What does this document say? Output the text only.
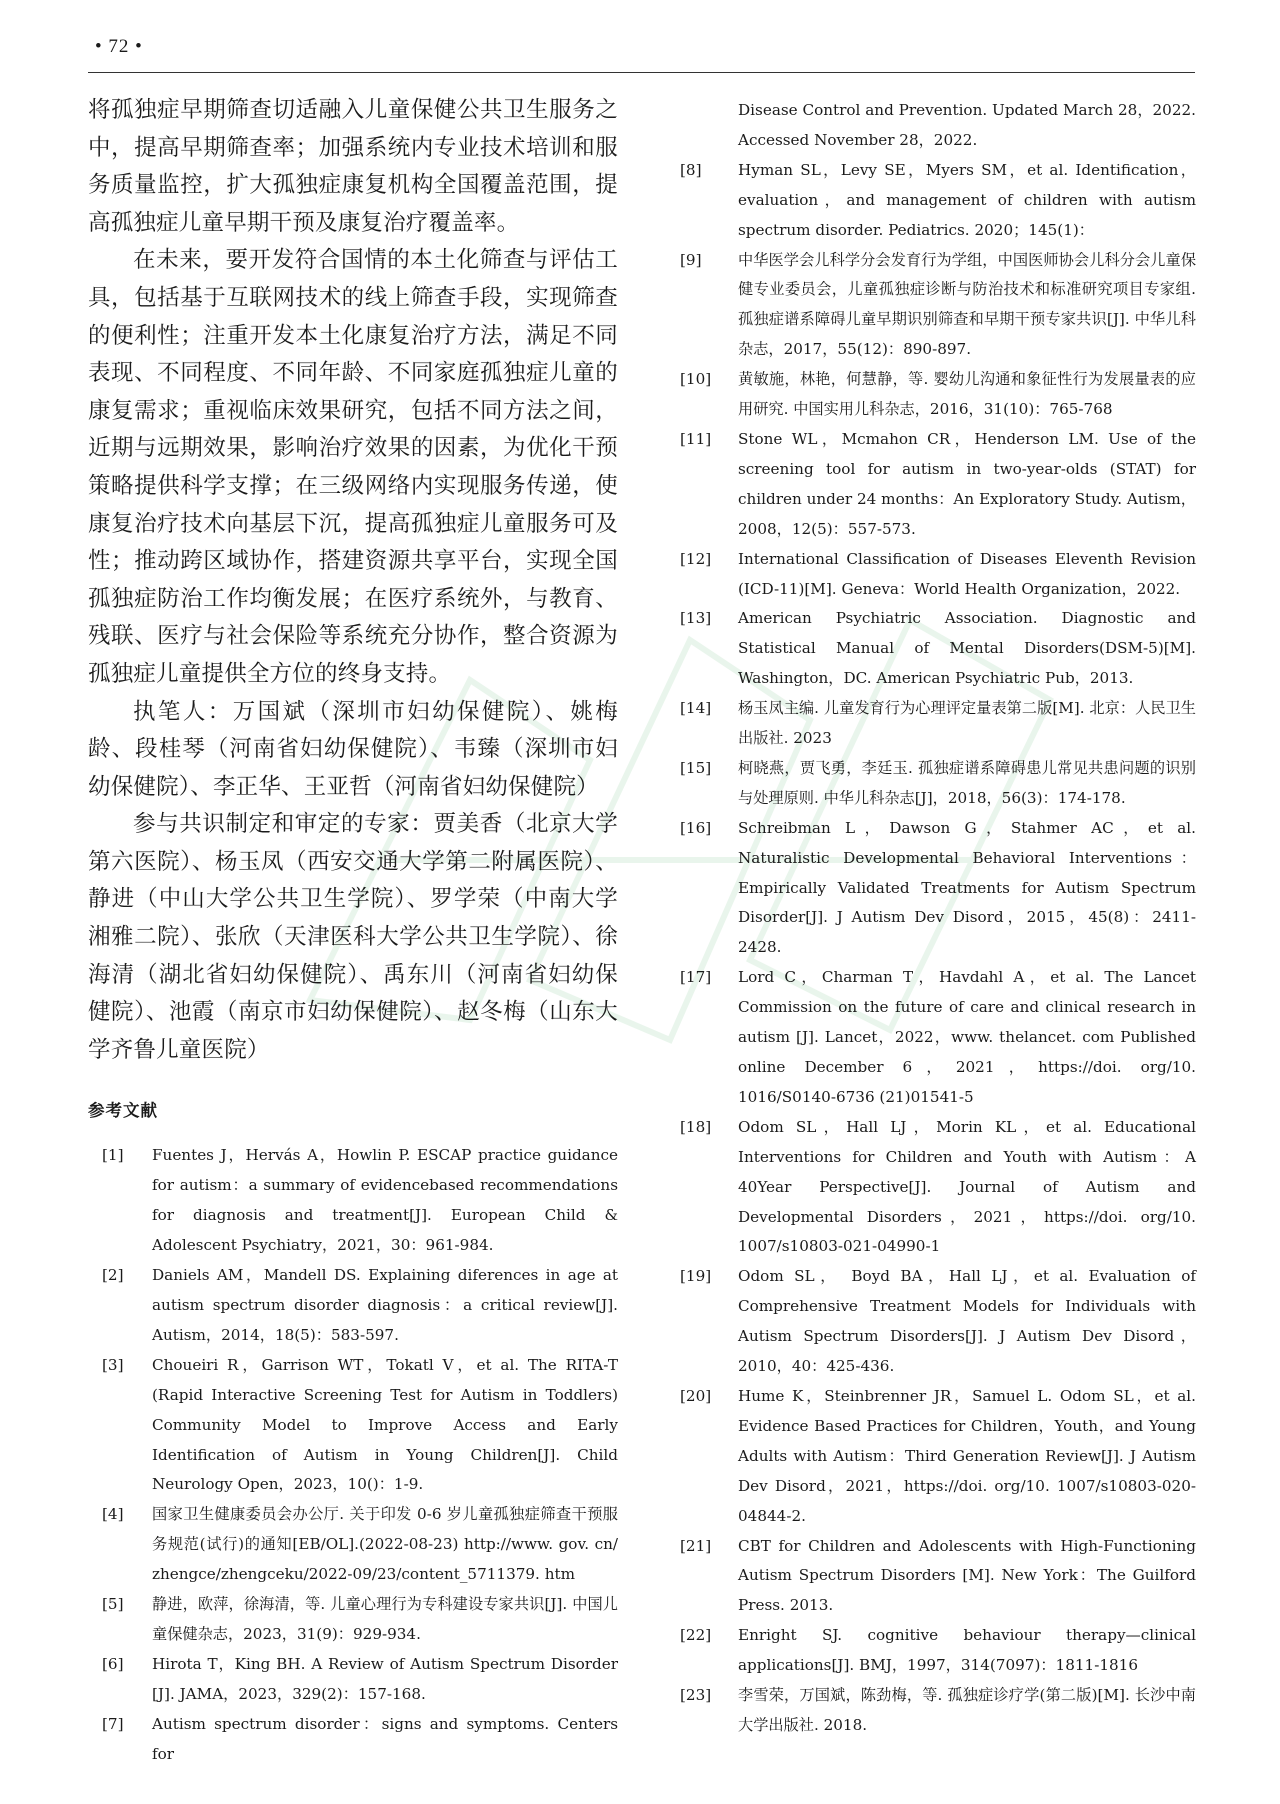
• 72 •

将孤独症早期筛查切适融入儿童保健公共卫生服务之中，提高早期筛查率；加强系统内专业技术培训和服务质量监控，扩大孤独症康复机构全国覆盖范围，提高孤独症儿童早期干预及康复治疗覆盖率。

在未来，要开发符合国情的本土化筛查与评估工具，包括基于互联网技术的线上筛查手段，实现筛查的便利性；注重开发本土化康复治疗方法，满足不同表现、不同程度、不同年龄、不同家庭孤独症儿童的康复需求；重视临床效果研究，包括不同方法之间，近期与远期效果，影响治疗效果的因素，为优化干预策略提供科学支撑；在三级网络内实现服务传递，使康复治疗技术向基层下沉，提高孤独症儿童服务可及性；推动跨区域协作，搭建资源共享平台，实现全国孤独症防治工作均衡发展；在医疗系统外，与教育、残联、医疗与社会保险等系统充分协作，整合资源为孤独症儿童提供全方位的终身支持。

执笔人：万国斌（深圳市妇幼保健院）、姚梅龄、段桂琴（河南省妇幼保健院）、韦臻（深圳市妇幼保健院）、李正华、王亚哲（河南省妇幼保健院）

参与共识制定和审定的专家：贾美香（北京大学第六医院）、杨玉凤（西安交通大学第二附属医院）、静进（中山大学公共卫生学院）、罗学荣（中南大学湘雅二院）、张欣（天津医科大学公共卫生学院）、徐海清（湖北省妇幼保健院）、禹东川（河南省妇幼保健院）、池霞（南京市妇幼保健院）、赵冬梅（山东大学齐鲁儿童医院）

参考文献
[1] Fuentes J，Hervás A，Howlin P. ESCAP practice guidance for autism：a summary of evidencebased recommendations for diagnosis and treatment[J]. European Child & Adolescent Psychiatry，2021，30：961-984.
[2] Daniels AM，Mandell DS. Explaining diferences in age at autism spectrum disorder diagnosis：a critical review[J]. Autism，2014，18(5)：583-597.
[3] Choueiri R，Garrison WT，Tokatl V，et al. The RITA-T (Rapid Interactive Screening Test for Autism in Toddlers) Community Model to Improve Access and Early Identification of Autism in Young Children[J]. Child Neurology Open，2023，10()：1-9.
[4] 国家卫生健康委员会办公厅. 关于印发 0-6 岁儿童孤独症筛查干预服务规范(试行)的通知[EB/OL].(2022-08-23) http://www. gov. cn/ zhengce/zhengceku/2022-09/23/content_5711379. htm
[5] 静进，欧萍，徐海清，等. 儿童心理行为专科建设专家共识[J]. 中国儿童保健杂志，2023，31(9)：929-934.
[6] Hirota T，King BH. A Review of Autism Spectrum Disorder [J]. JAMA，2023，329(2)：157-168.
[7] Autism spectrum disorder：signs and symptoms. Centers for
Disease Control and Prevention. Updated March 28，2022. Accessed November 28，2022.
[8] Hyman SL，Levy SE，Myers SM，et al. Identification，evaluation，and management of children with autism spectrum disorder. Pediatrics. 2020；145(1)：
[9] 中华医学会儿科学分会发育行为学组，中国医师协会儿科分会儿童保健专业委员会，儿童孤独症诊断与防治技术和标准研究项目专家组. 孤独症谱系障碍儿童早期识别筛查和早期干预专家共识[J]. 中华儿科杂志，2017，55(12)：890-897.
[10] 黄敏施，林艳，何慧静，等. 婴幼儿沟通和象征性行为发展量表的应用研究. 中国实用儿科杂志，2016，31(10)：765-768
[11] Stone WL，Mcmahon CR，Henderson LM. Use of the screening tool for autism in two-year-olds (STAT) for children under 24 months：An Exploratory Study. Autism，2008，12(5)：557-573.
[12] International Classification of Diseases Eleventh Revision (ICD-11)[M]. Geneva：World Health Organization，2022.
[13] American Psychiatric Association. Diagnostic and Statistical Manual of Mental Disorders(DSM-5)[M]. Washington，DC. American Psychiatric Pub，2013.
[14] 杨玉凤主编. 儿童发育行为心理评定量表第二版[M]. 北京：人民卫生出版社. 2023
[15] 柯晓燕，贾飞勇，李廷玉. 孤独症谱系障碍患儿常见共患问题的识别与处理原则. 中华儿科杂志[J]，2018，56(3)：174-178.
[16] Schreibman L，Dawson G，Stahmer AC，et al. Naturalistic Developmental Behavioral Interventions：Empirically Validated Treatments for Autism Spectrum Disorder[J]. J Autism Dev Disord，2015，45(8)：2411-2428.
[17] Lord C，Charman T，Havdahl A，et al. The Lancet Commission on the future of care and clinical research in autism [J]. Lancet，2022，www. thelancet. com Published online December 6，2021，https://doi. org/10. 1016/S0140-6736 (21)01541-5
[18] Odom SL，Hall LJ，Morin KL，et al. Educational Interventions for Children and Youth with Autism：A 40Year Perspective[J]. Journal of Autism and Developmental Disorders，2021，https://doi. org/10. 1007/s10803-021-04990-1
[19] Odom SL， Boyd BA，Hall LJ，et al. Evaluation of Comprehensive Treatment Models for Individuals with Autism Spectrum Disorders[J]. J Autism Dev Disord，2010，40：425-436.
[20] Hume K，Steinbrenner JR，Samuel L. Odom SL，et al. Evidence Based Practices for Children，Youth，and Young Adults with Autism：Third Generation Review[J]. J Autism Dev Disord，2021，https://doi. org/10. 1007/s10803-020-04844-2.
[21] CBT for Children and Adolescents with High-Functioning Autism Spectrum Disorders [M]. New York：The Guilford Press. 2013.
[22] Enright SJ. cognitive behaviour therapy—clinical applications[J]. BMJ，1997，314(7097)：1811-1816
[23] 李雪荣，万国斌，陈劲梅，等. 孤独症诊疗学(第二版)[M]. 长沙中南大学出版社. 2018.
